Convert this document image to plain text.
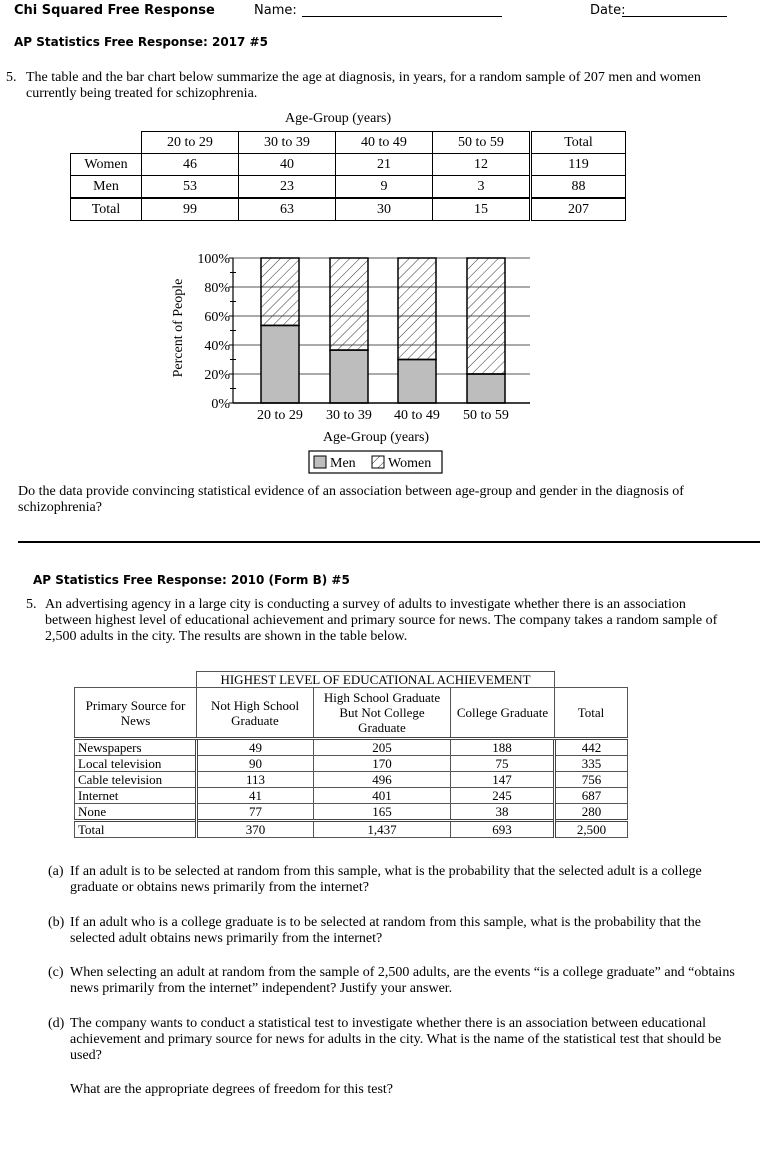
Chi Squared Free Response	Name:	Date:
AP Statistics Free Response: 2017 #5
5. The table and the bar chart below summarize the age at diagnosis, in years, for a random sample of 207 men and women currently being treated for schizophrenia.
Age-Group (years)
	20 to 29	30 to 39	40 to 49	50 to 59	Total
Women	46	40	21	12	119
Men	53	23	9	3	88
Total	99	63	30	15	207
0%
20%
40%
60%
80%
100%
20 to 29 30 to 39 40 to 49 50 to 59
Percent of People
Age-Group (years)
Men Women
Do the data provide convincing statistical evidence of an association between age-group and gender in the diagnosis of schizophrenia?
AP Statistics Free Response: 2010 (Form B) #5
5. An advertising agency in a large city is conducting a survey of adults to investigate whether there is an association between highest level of educational achievement and primary source for news. The company takes a random sample of 2,500 adults in the city. The results are shown in the table below.
	HIGHEST LEVEL OF EDUCATIONAL ACHIEVEMENT			
Primary Source for News	Not High School Graduate	High School Graduate But Not College Graduate	College Graduate	Total
Newspapers	49	205	188	442
Local television	90	170	75	335
Cable television	113	496	147	756
Internet	41	401	245	687
None	77	165	38	280
Total	370	1,437	693	2,500
(a) If an adult is to be selected at random from this sample, what is the probability that the selected adult is a college graduate or obtains news primarily from the internet?
(b) If an adult who is a college graduate is to be selected at random from this sample, what is the probability that the selected adult obtains news primarily from the internet?
(c) When selecting an adult at random from the sample of 2,500 adults, are the events “is a college graduate” and “obtains news primarily from the internet” independent? Justify your answer.
(d) The company wants to conduct a statistical test to investigate whether there is an association between educational achievement and primary source for news for adults in the city. What is the name of the statistical test that should be used?
What are the appropriate degrees of freedom for this test?
